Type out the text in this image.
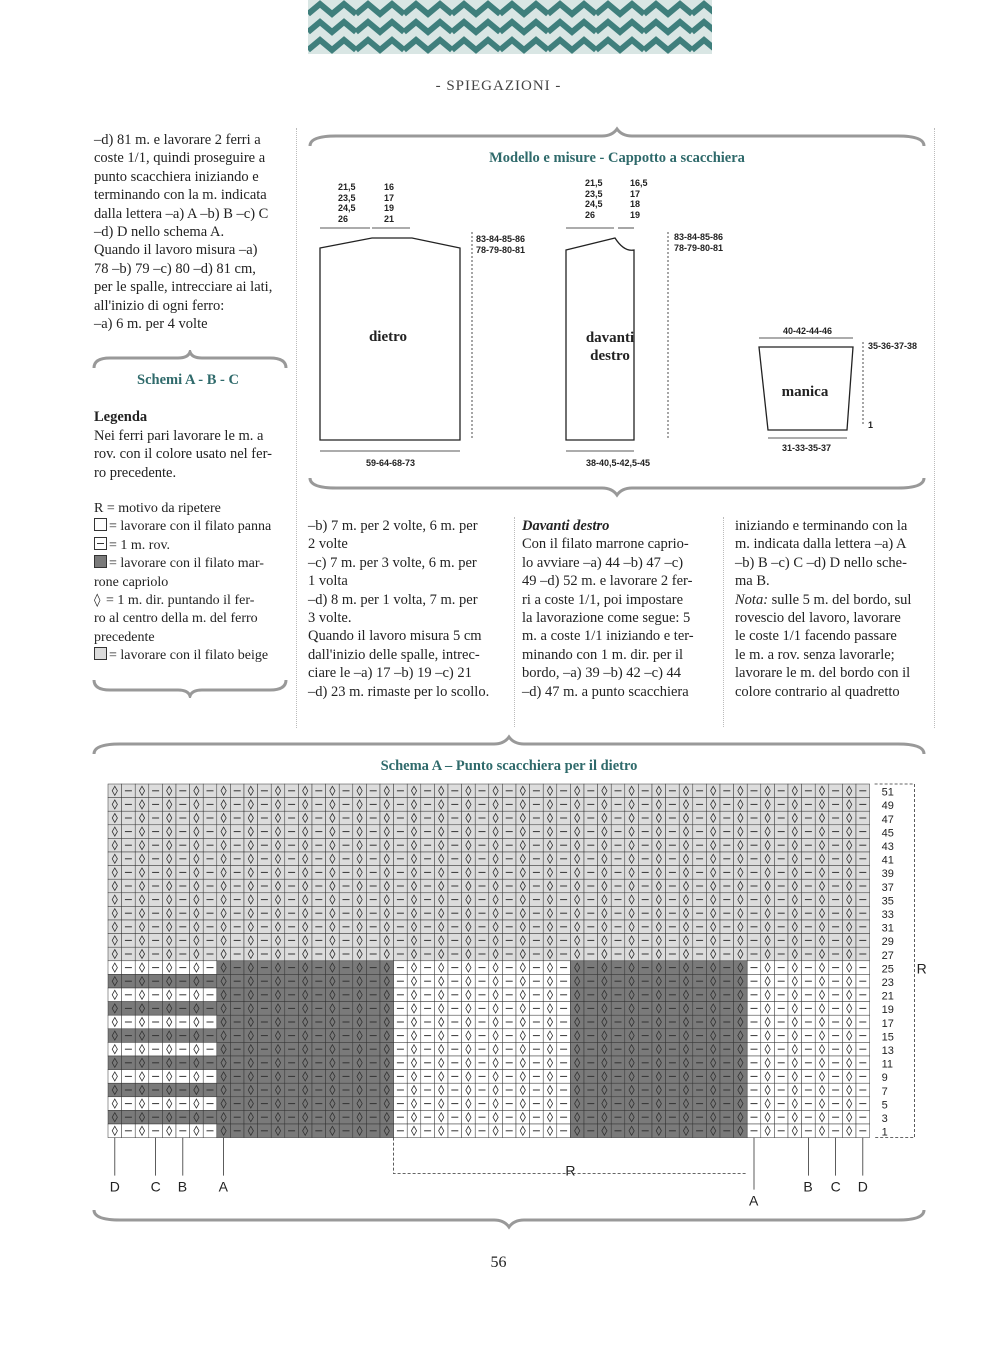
- SPIEGAZIONI -
–d) 81 m. e lavorare 2 ferri a
coste 1/1, quindi proseguire a
punto scacchiera iniziando e
terminando con la m. indicata
dalla lettera –a) A –b) B –c) C
–d) D nello schema A.
Quando il lavoro misura –a)
78 –b) 79 –c) 80 –d) 81 cm,
per le spalle, intrecciare ai lati,
all'inizio di ogni ferro:
–a) 6 m. per 4 volte
Schemi A - B - C
Legenda
Nei ferri pari lavorare le m. a
rov. con il colore usato nel fer-
ro precedente.
R = motivo da ripetere
= lavorare con il filato panna
= 1 m. rov.
= lavorare con il filato mar-
rone capriolo
◊ = 1 m. dir. puntando il fer-
ro al centro della m. del ferro
precedente
= lavorare con il filato beige
Modello e misure - Cappotto a scacchiera
21,5
23,5
24,5
26
16
17
19
21
83-84-85-86
78-79-80-81
59-64-68-73
dietro
21,5
23,5
24,5
26
16,5
17
18
19
83-84-85-86
78-79-80-81
38-40,5-42,5-45
davanti
destro
40-42-44-46
35-36-37-38
1
31-33-35-37
manica
–b) 7 m. per 2 volte, 6 m. per
2 volte
–c) 7 m. per 3 volte, 6 m. per
1 volta
–d) 8 m. per 1 volta, 7 m. per
3 volte.
Quando il lavoro misura 5 cm
dall'inizio delle spalle, intrec-
ciare le –a) 17 –b) 19 –c) 21
–d) 23 m. rimaste per lo scollo.
Davanti destro
Con il filato marrone caprio-
lo avviare –a) 44 –b) 47 –c)
49 –d) 52 m. e lavorare 2 fer-
ri a coste 1/1, poi impostare
la lavorazione come segue: 5
m. a coste 1/1 iniziando e ter-
minando con 1 m. dir. per il
bordo, –a) 39 –b) 42 –c) 44
–d) 47 m. a punto scacchiera
iniziando e terminando con la
m. indicata dalla lettera –a) A
–b) B –c) C –d) D nello sche-
ma B.
Nota: sulle 5 m. del bordo, sul
rovescio del lavoro, lavorare
le coste 1/1 facendo passare
le m. a rov. senza lavorarle;
lavorare le m. del bordo con il
colore contrario al quadretto
Schema A – Punto scacchiera per il dietro
51
49
47
45
43
41
39
37
35
33
31
29
27
25
23
21
19
17
15
13
11
9
7
5
3
1
R
D C B A
A
B C D
R
56
